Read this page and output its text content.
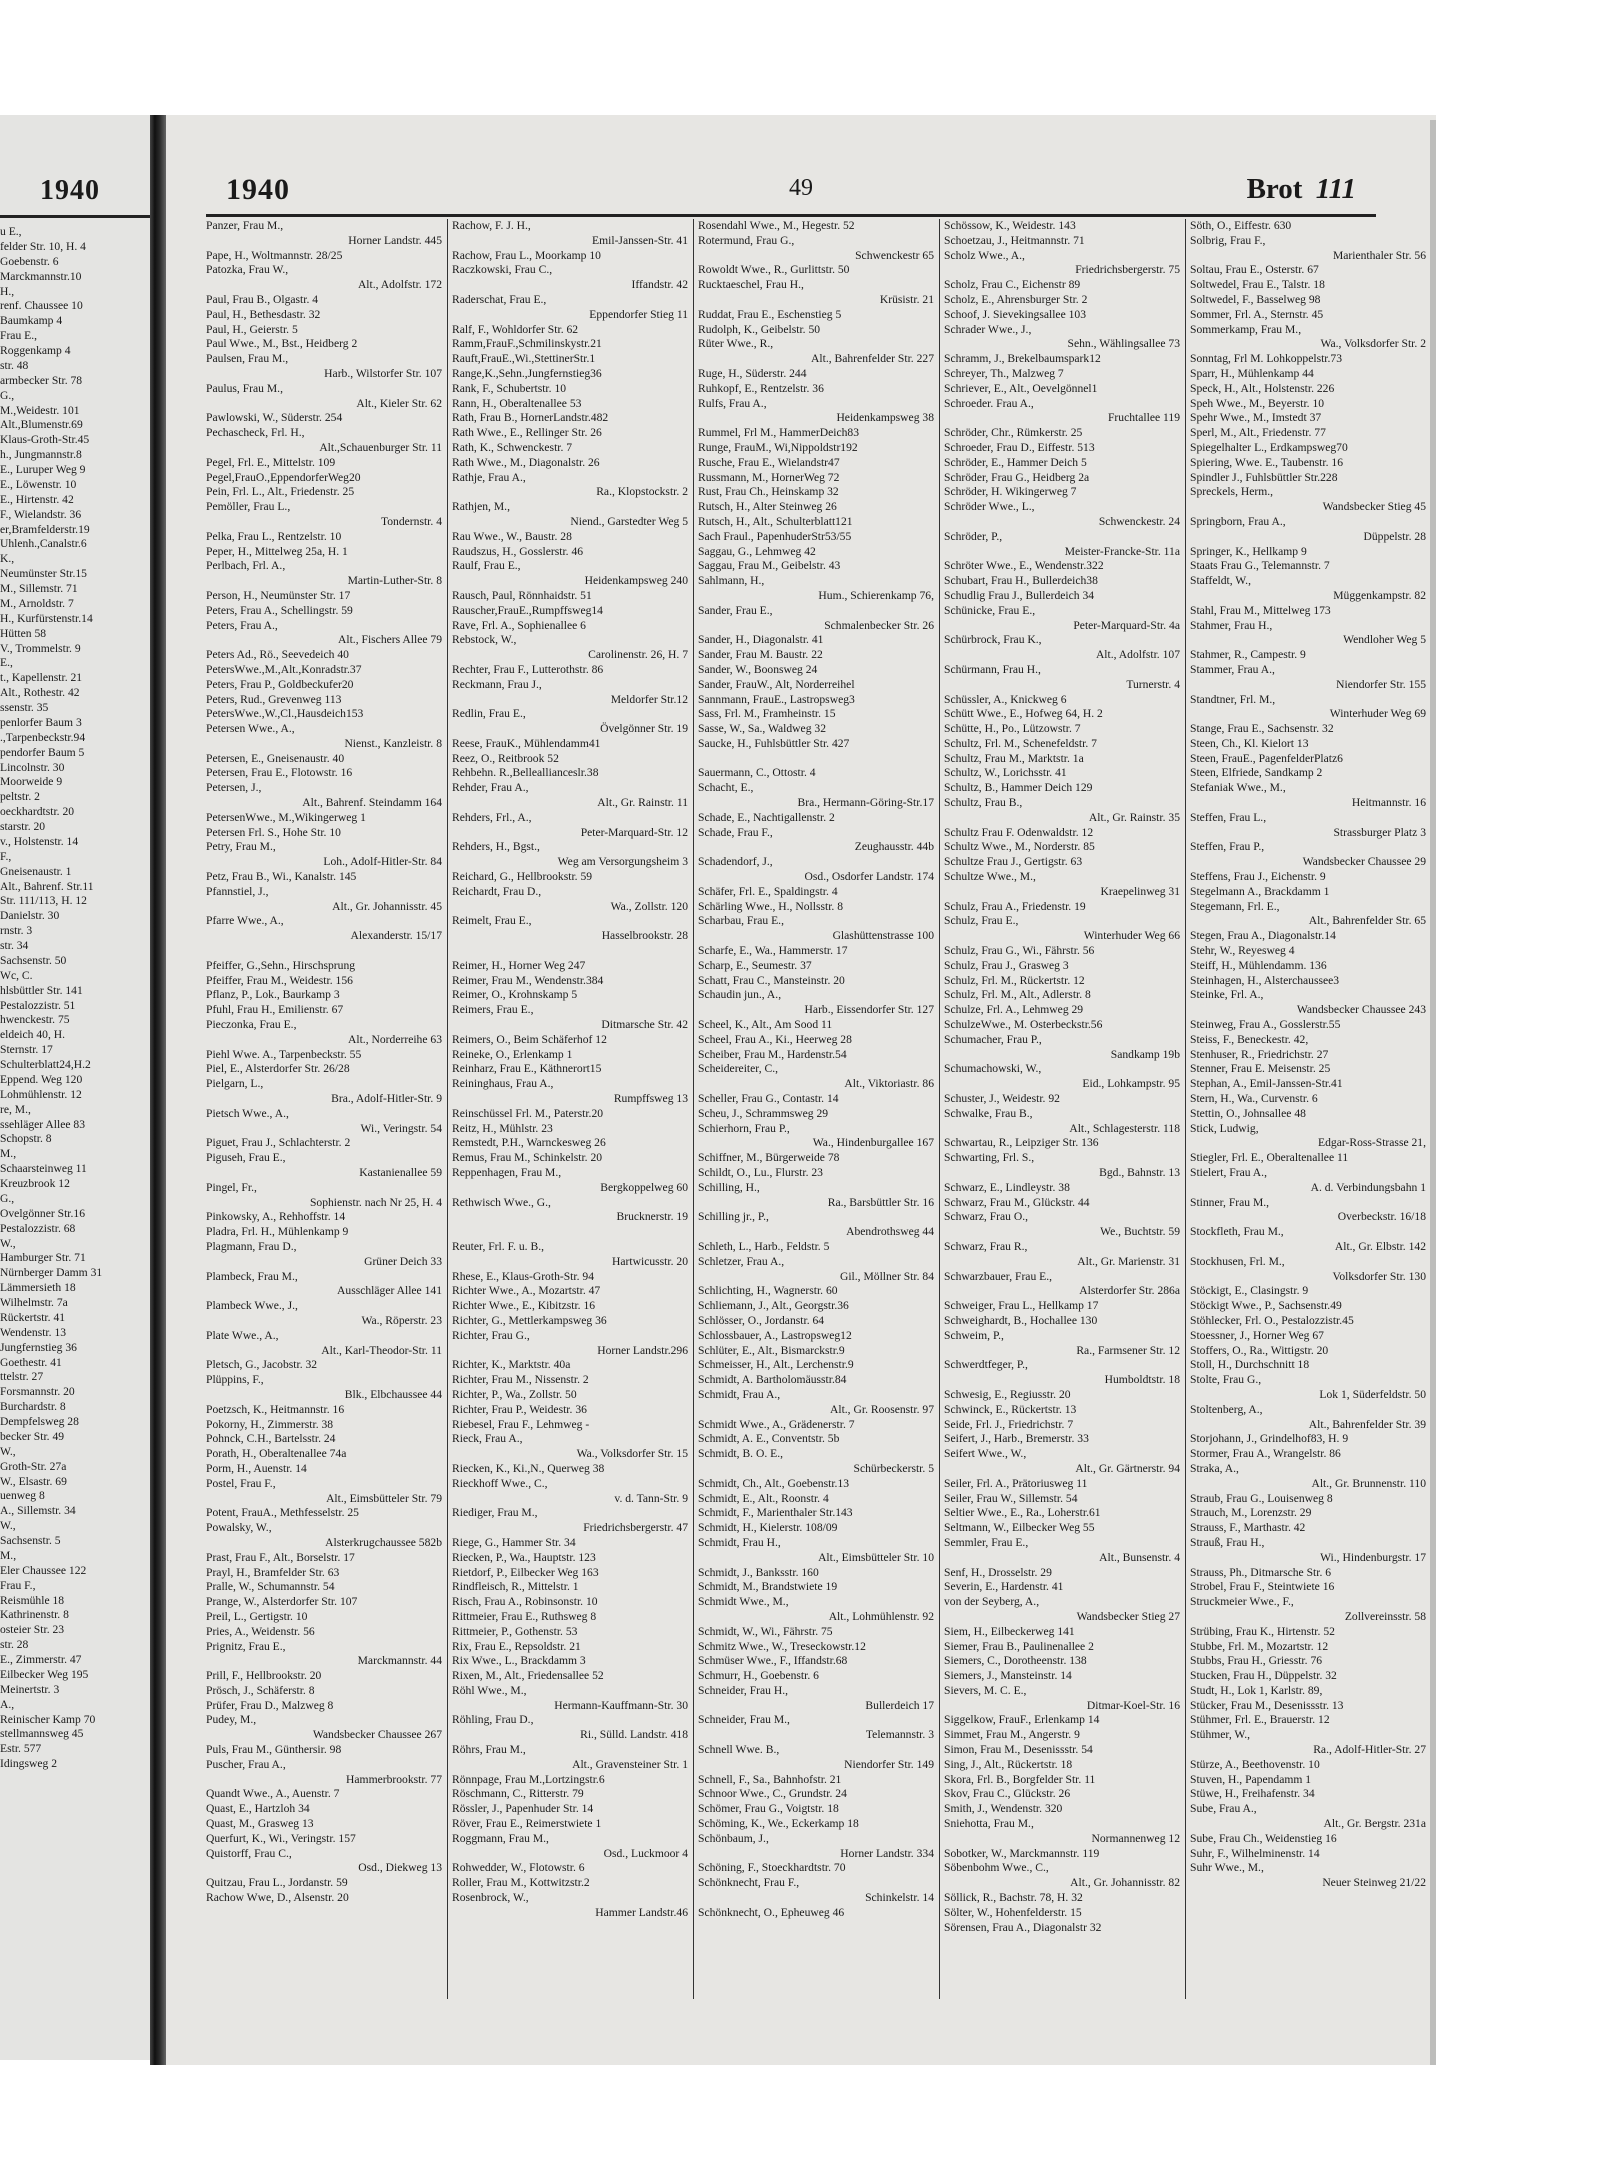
1940
u E.,
felder Str. 10, H. 4
Goebenstr. 6
Marckmannstr.10
H.,
renf. Chaussee 10
Baumkamp 4
Frau E.,
Roggenkamp 4
str. 48
armbecker Str. 78
G.,
M.,Weidestr. 101
Alt.,Blumenstr.69
Klaus-Groth-Str.45
h., Jungmannstr.8
E., Luruper Weg 9
E., Löwenstr. 10
E., Hirtenstr. 42
F., Wielandstr. 36
er,Bramfelderstr.19
Uhlenh.,Canalstr.6
K.,
Neumünster Str.15
M., Sillemstr. 71
M., Arnoldstr. 7
H., Kurfürstenstr.14
Hütten 58
V., Trommelstr. 9
E.,
t., Kapellenstr. 21
Alt., Rothestr. 42
ssenstr. 35
penlorfer Baum 3
.,Tarpenbeckstr.94
pendorfer Baum 5
Lincolnstr. 30
Moorweide 9
peltstr. 2
oeckhardtstr. 20
starstr. 20
v., Holstenstr. 14
F.,
Gneisenaustr. 1
Alt., Bahrenf. Str.11
Str. 111/113, H. 12
Danielstr. 30
rnstr. 3
str. 34
Sachsenstr. 50
Wc, C.
hlsbüttler Str. 141
Pestalozzistr. 51
hwenckestr. 75
eldeich 40, H.
Sternstr. 17
Schulterblatt24,H.2
Eppend. Weg 120
Lohmühlenstr. 12
re, M.,
ssehläger Allee 83
Schopstr. 8
M.,
Schaarsteinweg 11
Kreuzbrook 12
G.,
Ovelgönner Str.16
Pestalozzistr. 68
W.,
Hamburger Str. 71
Nürnberger Damm 31
Lämmersieth 18
Wilhelmstr. 7a
Rückertstr. 41
Wendenstr. 13
Jungfernstieg 36
Goethestr. 41
ttelstr. 27
Forsmannstr. 20
Burchardstr. 8
Dempfelsweg 28
becker Str. 49
W.,
Groth-Str. 27a
W., Elsastr. 69
uenweg 8
A., Sillemstr. 34
W.,
Sachsenstr. 5
M.,
Eler Chaussee 122
Frau F.,
Reismühle 18
Kathrinenstr. 8
osteier Str. 23
str. 28
E., Zimmerstr. 47
Eilbecker Weg 195
Meinertstr. 3
A.,
Reinischer Kamp 70
stellmannsweg 45
Estr. 577
Idingsweg 2
1940	49	Brot 111
Panzer, Frau M.,
Horner Landstr. 445
Pape, H., Woltmannstr. 28/25
Patozka, Frau W.,
Alt., Adolfstr. 172
Paul, Frau B., Olgastr. 4
Paul, H., Bethesdastr. 32
Paul, H., Geierstr. 5
Paul Wwe., M., Bst., Heidberg 2
Paulsen, Frau M.,
Harb., Wilstorfer Str. 107
Paulus, Frau M.,
Alt., Kieler Str. 62
Pawlowski, W., Süderstr. 254
Pechascheck, Frl. H.,
Alt.,Schauenburger Str. 11
Pegel, Frl. E., Mittelstr. 109
Pegel,FrauO.,EppendorferWeg20
Pein, Frl. L., Alt., Friedenstr. 25
Pemöller, Frau L.,
Tondernstr. 4
Pelka, Frau L., Rentzelstr. 10
Peper, H., Mittelweg 25a, H. 1
Perlbach, Frl. A.,
Martin-Luther-Str. 8
Person, H., Neumünster Str. 17
Peters, Frau A., Schellingstr. 59
Peters, Frau A.,
Alt., Fischers Allee 79
Peters Ad., Rö., Seevedeich 40
PetersWwe.,M.,Alt.,Konradstr.37
Peters, Frau P., Goldbeckufer20
Peters, Rud., Grevenweg 113
PetersWwe.,W.,Cl.,Hausdeich153
Petersen Wwe., A.,
Nienst., Kanzleistr. 8
Petersen, E., Gneisenaustr. 40
Petersen, Frau E., Flotowstr. 16
Petersen, J.,
Alt., Bahrenf. Steindamm 164
PetersenWwe., M.,Wikingerweg 1
Petersen Frl. S., Hohe Str. 10
Petry, Frau M.,
Loh., Adolf-Hitler-Str. 84
Petz, Frau B., Wi., Kanalstr. 145
Pfannstiel, J.,
Alt., Gr. Johannisstr. 45
Pfarre Wwe., A.,
Alexanderstr. 15/17
Pfeiffer, G.,Sehn., Hirschsprung
Pfeiffer, Frau M., Weidestr. 156
Pflanz, P., Lok., Baurkamp 3
Pfuhl, Frau H., Emilienstr. 67
Pieczonka, Frau E.,
Alt., Norderreihe 63
Piehl Wwe. A., Tarpenbeckstr. 55
Piel, E., Alsterdorfer Str. 26/28
Pielgarn, L.,
Bra., Adolf-Hitler-Str. 9
Pietsch Wwe., A.,
Wi., Veringstr. 54
Piguet, Frau J., Schlachterstr. 2
Piguseh, Frau E.,
Kastanienallee 59
Pingel, Fr.,
Sophienstr. nach Nr 25, H. 4
Pinkowsky, A., Rehhoffstr. 14
Pladra, Frl. H., Mühlenkamp 9
Plagmann, Frau D.,
Grüner Deich 33
Plambeck, Frau M.,
Ausschläger Allee 141
Plambeck Wwe., J.,
Wa., Röperstr. 23
Plate Wwe., A.,
Alt., Karl-Theodor-Str. 11
Pletsch, G., Jacobstr. 32
Plüppins, F.,
Blk., Elbchaussee 44
Poetzsch, K., Heitmannstr. 16
Pokorny, H., Zimmerstr. 38
Pohnck, C.H., Bartelsstr. 24
Porath, H., Oberaltenallee 74a
Porm, H., Auenstr. 14
Postel, Frau F.,
Alt., Eimsbütteler Str. 79
Potent, FrauA., Methfesselstr. 25
Powalsky, W.,
Alsterkrugchaussee 582b
Prast, Frau F., Alt., Borselstr. 17
Prayl, H., Bramfelder Str. 63
Pralle, W., Schumannstr. 54
Prange, W., Alsterdorfer Str. 107
Preil, L., Gertigstr. 10
Pries, A., Weidenstr. 56
Prignitz, Frau E.,
Marckmannstr. 44
Prill, F., Hellbrookstr. 20
Prösch, J., Schäferstr. 8
Prüfer, Frau D., Malzweg 8
Pudey, M.,
Wandsbecker Chaussee 267
Puls, Frau M., Günthersir. 98
Puscher, Frau A.,
Hammerbrookstr. 77
Quandt Wwe., A., Auenstr. 7
Quast, E., Hartzloh 34
Quast, M., Grasweg 13
Querfurt, K., Wi., Veringstr. 157
Quistorff, Frau C.,
Osd., Diekweg 13
Quitzau, Frau L., Jordanstr. 59
Rachow Wwe, D., Alsenstr. 20
Rachow, F. J. H.,
Emil-Janssen-Str. 41
Rachow, Frau L., Moorkamp 10
Raczkowski, Frau C.,
Iffandstr. 42
Raderschat, Frau E.,
Eppendorfer Stieg 11
Ralf, F., Wohldorfer Str. 62
Ramm,FrauF.,Schmilinskystr.21
Rauft,FrauE.,Wi.,StettinerStr.1
Range,K.,Sehn.,Jungfernstieg36
Rank, F., Schubertstr. 10
Rann, H., Oberaltenallee 53
Rath, Frau B., HornerLandstr.482
Rath Wwe., E., Rellinger Str. 26
Rath, K., Schwenckestr. 7
Rath Wwe., M., Diagonalstr. 26
Rathje, Frau A.,
Ra., Klopstockstr. 2
Rathjen, M.,
Niend., Garstedter Weg 5
Rau Wwe., W., Baustr. 28
Raudszus, H., Gosslerstr. 46
Raulf, Frau E.,
Heidenkampsweg 240
Rausch, Paul, Rönnhaidstr. 51
Rauscher,FrauE.,Rumpffsweg14
Rave, Frl. A., Sophienallee 6
Rebstock, W.,
Carolinenstr. 26, H. 7
Rechter, Frau F., Lutterothstr. 86
Reckmann, Frau J.,
Meldorfer Str.12
Redlin, Frau E.,
Övelgönner Str. 19
Reese, FrauK., Mühlendamm41
Reez, O., Reitbrook 52
Rehbehn. R.,Belleallianceslr.38
Rehder, Frau A.,
Alt., Gr. Rainstr. 11
Rehders, Frl., A.,
Peter-Marquard-Str. 12
Rehders, H., Bgst.,
Weg am Versorgungsheim 3
Reichard, G., Hellbrookstr. 59
Reichardt, Frau D.,
Wa., Zollstr. 120
Reimelt, Frau E.,
Hasselbrookstr. 28
Reimer, H., Horner Weg 247
Reimer, Frau M., Wendenstr.384
Reimer, O., Krohnskamp 5
Reimers, Frau E.,
Ditmarsche Str. 42
Reimers, O., Beim Schäferhof 12
Reineke, O., Erlenkamp 1
Reinharz, Frau E., Käthnerort15
Reininghaus, Frau A.,
Rumpffsweg 13
Reinschüssel Frl. M., Paterstr.20
Reitz, H., Mühlstr. 23
Remstedt, P.H., Warnckesweg 26
Remus, Frau M., Schinkelstr. 20
Reppenhagen, Frau M.,
Bergkoppelweg 60
Rethwisch Wwe., G.,
Brucknerstr. 19
Reuter, Frl. F. u. B.,
Hartwicusstr. 20
Rhese, E., Klaus-Groth-Str. 94
Richter Wwe., A., Mozartstr. 47
Richter Wwe., E., Kibitzstr. 16
Richter, G., Mettlerkampsweg 36
Richter, Frau G.,
Horner Landstr.296
Richter, K., Marktstr. 40a
Richter, Frau M., Nissenstr. 2
Richter, P., Wa., Zollstr. 50
Richter, Frau P., Weidestr. 36
Riebesel, Frau F., Lehmweg -
Rieck, Frau A.,
Wa., Volksdorfer Str. 15
Riecken, K., Ki.,N., Querweg 38
Rieckhoff Wwe., C.,
v. d. Tann-Str. 9
Riediger, Frau M.,
Friedrichsbergerstr. 47
Riege, G., Hammer Str. 34
Riecken, P., Wa., Hauptstr. 123
Rietdorf, P., Eilbecker Weg 163
Rindfleisch, R., Mittelstr. 1
Risch, Frau A., Robinsonstr. 10
Rittmeier, Frau E., Ruthsweg 8
Rittmeier, P., Gothenstr. 53
Rix, Frau E., Repsoldstr. 21
Rix Wwe., L., Brackdamm 3
Rixen, M., Alt., Friedensallee 52
Röhl Wwe., M.,
Hermann-Kauffmann-Str. 30
Röhling, Frau D.,
Ri., Sülld. Landstr. 418
Röhrs, Frau M.,
Alt., Gravensteiner Str. 1
Rönnpage, Frau M.,Lortzingstr.6
Röschmann, C., Ritterstr. 79
Rössler, J., Papenhuder Str. 14
Röver, Frau E., Reimerstwiete 1
Roggmann, Frau M.,
Osd., Luckmoor 4
Rohwedder, W., Flotowstr. 6
Roller, Frau M., Kottwitzstr.2
Rosenbrock, W.,
Hammer Landstr.46
Rosendahl Wwe., M., Hegestr. 52
Rotermund, Frau G.,
Schwenckestr 65
Rowoldt Wwe., R., Gurlittstr. 50
Rucktaeschel, Frau H.,
Krüsistr. 21
Ruddat, Frau E., Eschenstieg 5
Rudolph, K., Geibelstr. 50
Rüter Wwe., R.,
Alt., Bahrenfelder Str. 227
Ruge, H., Süderstr. 244
Ruhkopf, E., Rentzelstr. 36
Rulfs, Frau A.,
Heidenkampsweg 38
Rummel, Frl M., HammerDeich83
Runge, FrauM., Wi,Nippoldstr192
Rusche, Frau E., Wielandstr47
Russmann, M., HornerWeg 72
Rust, Frau Ch., Heinskamp 32
Rutsch, H., Alter Steinweg 26
Rutsch, H., Alt., Schulterblatt121
Sach Fraul., PapenhuderStr53/55
Saggau, G., Lehmweg 42
Saggau, Frau M., Geibelstr. 43
Sahlmann, H.,
Hum., Schierenkamp 76,
Sander, Frau E.,
Schmalenbecker Str. 26
Sander, H., Diagonalstr. 41
Sander, Frau M. Baustr. 22
Sander, W., Boonsweg 24
Sander, FrauW., Alt, Norderreihel
Sannmann, FrauE., Lastropsweg3
Sass, Frl. M., Framheinstr. 15
Sasse, W., Sa., Waldweg 32
Saucke, H., Fuhlsbüttler Str. 427
Sauermann, C., Ottostr. 4
Schacht, E.,
Bra., Hermann-Göring-Str.17
Schade, E., Nachtigallenstr. 2
Schade, Frau F.,
Zeughausstr. 44b
Schadendorf, J.,
Osd., Osdorfer Landstr. 174
Schäfer, Frl. E., Spaldingstr. 4
Schärling Wwe., H., Nollsstr. 8
Scharbau, Frau E.,
Glashüttenstrasse 100
Scharfe, E., Wa., Hammerstr. 17
Scharp, E., Seumestr. 37
Schatt, Frau C., Mansteinstr. 20
Schaudin jun., A.,
Harb., Eissendorfer Str. 127
Scheel, K., Alt., Am Sood 11
Scheel, Frau A., Ki., Heerweg 28
Scheiber, Frau M., Hardenstr.54
Scheidereiter, C.,
Alt., Viktoriastr. 86
Scheller, Frau G., Contastr. 14
Scheu, J., Schrammsweg 29
Schierhorn, Frau P.,
Wa., Hindenburgallee 167
Schiffner, M., Bürgerweide 78
Schildt, O., Lu., Flurstr. 23
Schilling, H.,
Ra., Barsbüttler Str. 16
Schilling jr., P.,
Abendrothsweg 44
Schleth, L., Harb., Feldstr. 5
Schletzer, Frau A.,
Gil., Möllner Str. 84
Schlichting, H., Wagnerstr. 60
Schliemann, J., Alt., Georgstr.36
Schlösser, O., Jordanstr. 64
Schlossbauer, A., Lastropsweg12
Schlüter, E., Alt., Bismarckstr.9
Schmeisser, H., Alt., Lerchenstr.9
Schmidt, A. Bartholomäusstr.84
Schmidt, Frau A.,
Alt., Gr. Roosenstr. 97
Schmidt Wwe., A., Grädenerstr. 7
Schmidt, A. E., Conventstr. 5b
Schmidt, B. O. E.,
Schürbeckerstr. 5
Schmidt, Ch., Alt., Goebenstr.13
Schmidt, E., Alt., Roonstr. 4
Schmidt, F., Marienthaler Str.143
Schmidt, H., Kielerstr. 108/09
Schmidt, Frau H.,
Alt., Eimsbütteler Str. 10
Schmidt, J., Banksstr. 160
Schmidt, M., Brandstwiete 19
Schmidt Wwe., M.,
Alt., Lohmühlenstr. 92
Schmidt, W., Wi., Fährstr. 75
Schmitz Wwe., W., Treseckowstr.12
Schmüser Wwe., F., Iffandstr.68
Schmurr, H., Goebenstr. 6
Schneider, Frau H.,
Bullerdeich 17
Schneider, Frau M.,
Telemannstr. 3
Schnell Wwe. B.,
Niendorfer Str. 149
Schnell, F., Sa., Bahnhofstr. 21
Schnoor Wwe., C., Grundstr. 24
Schömer, Frau G., Voigtstr. 18
Schöming, K., We., Eckerkamp 18
Schönbaum, J.,
Horner Landstr. 334
Schöning, F., Stoeckhardtstr. 70
Schönknecht, Frau F.,
Schinkelstr. 14
Schönknecht, O., Epheuweg 46
Schössow, K., Weidestr. 143
Schoetzau, J., Heitmannstr. 71
Scholz Wwe., A.,
Friedrichsbergerstr. 75
Scholz, Frau C., Eichenstr 89
Scholz, E., Ahrensburger Str. 2
Schoof, J. Sievekingsallee 103
Schrader Wwe., J.,
Sehn., Wählingsallee 73
Schramm, J., Brekelbaumspark12
Schreyer, Th., Malzweg 7
Schriever, E., Alt., Oevelgönnel1
Schroeder. Frau A.,
Fruchtallee 119
Schröder, Chr., Rümkerstr. 25
Schroeder, Frau D., Eiffestr. 513
Schröder, E., Hammer Deich 5
Schröder, Frau G., Heidberg 2a
Schröder, H. Wikingerweg 7
Schröder Wwe., L.,
Schwenckestr. 24
Schröder, P.,
Meister-Francke-Str. 11a
Schröter Wwe., E., Wendenstr.322
Schubart, Frau H., Bullerdeich38
Schudlig Frau J., Bullerdeich 34
Schünicke, Frau E.,
Peter-Marquard-Str. 4a
Schürbrock, Frau K.,
Alt., Adolfstr. 107
Schürmann, Frau H.,
Turnerstr. 4
Schüssler, A., Knickweg 6
Schütt Wwe., E., Hofweg 64, H. 2
Schütte, H., Po., Lützowstr. 7
Schultz, Frl. M., Schenefeldstr. 7
Schultz, Frau M., Marktstr. 1a
Schultz, W., Lorichsstr. 41
Schultz, B., Hammer Deich 129
Schultz, Frau B.,
Alt., Gr. Rainstr. 35
Schultz Frau F. Odenwaldstr. 12
Schultz Wwe., M., Norderstr. 85
Schultze Frau J., Gertigstr. 63
Schultze Wwe., M.,
Kraepelinweg 31
Schulz, Frau A., Friedenstr. 19
Schulz, Frau E.,
Winterhuder Weg 66
Schulz, Frau G., Wi., Fährstr. 56
Schulz, Frau J., Grasweg 3
Schulz, Frl. M., Rückertstr. 12
Schulz, Frl. M., Alt., Adlerstr. 8
Schulze, Frl. A., Lehmweg 29
SchulzeWwe., M. Osterbeckstr.56
Schumacher, Frau P.,
Sandkamp 19b
Schumachowski, W.,
Eid., Lohkampstr. 95
Schuster, J., Weidestr. 92
Schwalke, Frau B.,
Alt., Schlagesterstr. 118
Schwartau, R., Leipziger Str. 136
Schwarting, Frl. S.,
Bgd., Bahnstr. 13
Schwarz, E., Lindleystr. 38
Schwarz, Frau M., Glückstr. 44
Schwarz, Frau O.,
We., Buchtstr. 59
Schwarz, Frau R.,
Alt., Gr. Marienstr. 31
Schwarzbauer, Frau E.,
Alsterdorfer Str. 286a
Schweiger, Frau L., Hellkamp 17
Schweighardt, B., Hochallee 130
Schweim, P.,
Ra., Farmsener Str. 12
Schwerdtfeger, P.,
Humboldtstr. 18
Schwesig, E., Regiusstr. 20
Schwinck, E., Rückertstr. 13
Seide, Frl. J., Friedrichstr. 7
Seifert, J., Harb., Bremerstr. 33
Seifert Wwe., W.,
Alt., Gr. Gärtnerstr. 94
Seiler, Frl. A., Prätoriusweg 11
Seiler, Frau W., Sillemstr. 54
Seltier Wwe., E., Ra., Loherstr.61
Seltmann, W., Eilbecker Weg 55
Semmler, Frau E.,
Alt., Bunsenstr. 4
Senf, H., Drosselstr. 29
Severin, E., Hardenstr. 41
von der Seyberg, A.,
Wandsbecker Stieg 27
Siem, H., Eilbeckerweg 141
Siemer, Frau B., Paulinenallee 2
Siemers, C., Dorotheenstr. 138
Siemers, J., Mansteinstr. 14
Sievers, M. C. E.,
Ditmar-Koel-Str. 16
Siggelkow, FrauF., Erlenkamp 14
Simmet, Frau M., Angerstr. 9
Simon, Frau M., Desenissstr. 54
Sing, J., Alt., Rückertstr. 18
Skora, Frl. B., Borgfelder Str. 11
Skov, Frau C., Glückstr. 26
Smith, J., Wendenstr. 320
Sniehotta, Frau M.,
Normannenweg 12
Sobotker, W., Marckmannstr. 119
Söbenbohm Wwe., C.,
Alt., Gr. Johannisstr. 82
Söllick, R., Bachstr. 78, H. 32
Sölter, W., Hohenfelderstr. 15
Sörensen, Frau A., Diagonalstr 32
Söth, O., Eiffestr. 630
Solbrig, Frau F.,
Marienthaler Str. 56
Soltau, Frau E., Osterstr. 67
Soltwedel, Frau E., Talstr. 18
Soltwedel, F., Basselweg 98
Sommer, Frl. A., Sternstr. 45
Sommerkamp, Frau M.,
Wa., Volksdorfer Str. 2
Sonntag, Frl M. Lohkoppelstr.73
Sparr, H., Mühlenkamp 44
Speck, H., Alt., Holstenstr. 226
Speh Wwe., M., Beyerstr. 10
Spehr Wwe., M., Imstedt 37
Sperl, M., Alt., Friedenstr. 77
Spiegelhalter L., Erdkampsweg70
Spiering, Wwe. E., Taubenstr. 16
Spindler J., Fuhlsbüttler Str.228
Spreckels, Herm.,
Wandsbecker Stieg 45
Springborn, Frau A.,
Düppelstr. 28
Springer, K., Hellkamp 9
Staats Frau G., Telemannstr. 7
Staffeldt, W.,
Müggenkampstr. 82
Stahl, Frau M., Mittelweg 173
Stahmer, Frau H.,
Wendloher Weg 5
Stahmer, R., Campestr. 9
Stammer, Frau A.,
Niendorfer Str. 155
Standtner, Frl. M.,
Winterhuder Weg 69
Stange, Frau E., Sachsenstr. 32
Steen, Ch., Kl. Kielort 13
Steen, FrauE., PagenfelderPlatz6
Steen, Elfriede, Sandkamp 2
Stefaniak Wwe., M.,
Heitmannstr. 16
Steffen, Frau L.,
Strassburger Platz 3
Steffen, Frau P.,
Wandsbecker Chaussee 29
Steffens, Frau J., Eichenstr. 9
Stegelmann A., Brackdamm 1
Stegemann, Frl. E.,
Alt., Bahrenfelder Str. 65
Stegen, Frau A., Diagonalstr.14
Stehr, W., Reyesweg 4
Steiff, H., Mühlendamm. 136
Steinhagen, H., Alsterchaussee3
Steinke, Frl. A.,
Wandsbecker Chaussee 243
Steinweg, Frau A., Gosslerstr.55
Steiss, F., Beneckestr. 42,
Stenhuser, R., Friedrichstr. 27
Stenner, Frau E. Meisenstr. 25
Stephan, A., Emil-Janssen-Str.41
Stern, H., Wa., Curvenstr. 6
Stettin, O., Johnsallee 48
Stick, Ludwig,
Edgar-Ross-Strasse 21,
Stiegler, Frl. E., Oberaltenallee 11
Stielert, Frau A.,
A. d. Verbindungsbahn 1
Stinner, Frau M.,
Overbeckstr. 16/18
Stockfleth, Frau M.,
Alt., Gr. Elbstr. 142
Stockhusen, Frl. M.,
Volksdorfer Str. 130
Stöckigt, E., Clasingstr. 9
Stöckigt Wwe., P., Sachsenstr.49
Stöhlecker, Frl. O., Pestalozzistr.45
Stoessner, J., Horner Weg 67
Stoffers, O., Ra., Wittigstr. 20
Stoll, H., Durchschnitt 18
Stolte, Frau G.,
Lok 1, Süderfeldstr. 50
Stoltenberg, A.,
Alt., Bahrenfelder Str. 39
Storjohann, J., Grindelhof83, H. 9
Stormer, Frau A., Wrangelstr. 86
Straka, A.,
Alt., Gr. Brunnenstr. 110
Straub, Frau G., Louisenweg 8
Strauch, M., Lorenzstr. 29
Strauss, F., Marthastr. 42
Strauß, Frau H.,
Wi., Hindenburgstr. 17
Strauss, Ph., Ditmarsche Str. 6
Strobel, Frau F., Steintwiete 16
Struckmeier Wwe., F.,
Zollvereinsstr. 58
Strübing, Frau K., Hirtenstr. 52
Stubbe, Frl. M., Mozartstr. 12
Stubbs, Frau H., Griesstr. 76
Stucken, Frau H., Düppelstr. 32
Studt, H., Lok 1, Karlstr. 89,
Stücker, Frau M., Desenissstr. 13
Stühmer, Frl. E., Brauerstr. 12
Stühmer, W.,
Ra., Adolf-Hitler-Str. 27
Stürze, A., Beethovenstr. 10
Stuven, H., Papendamm 1
Stüwe, H., Freihafenstr. 34
Sube, Frau A.,
Alt., Gr. Bergstr. 231a
Sube, Frau Ch., Weidenstieg 16
Suhr, F., Wilhelminenstr. 14
Suhr Wwe., M.,
Neuer Steinweg 21/22
